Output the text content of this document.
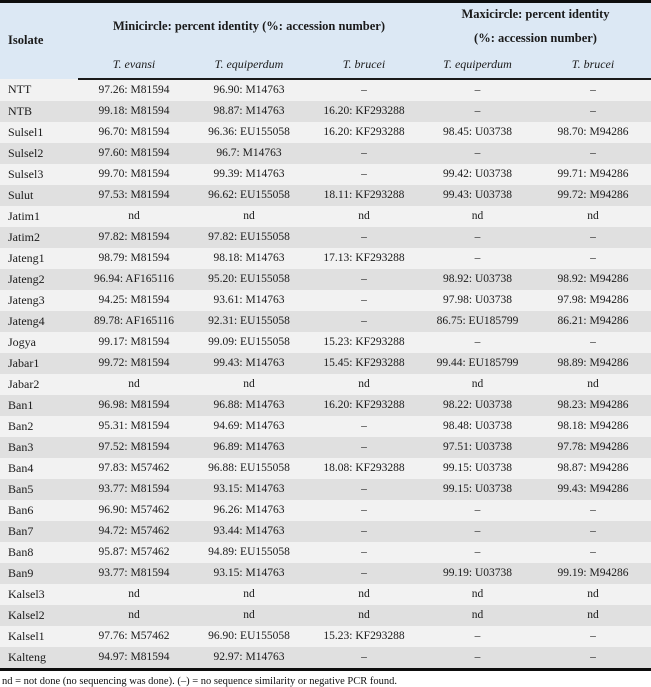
Isolate	Minicircle: percent identity (%: accession number)			Maxicircle: percent identity
(%: accession number)	

	T. evansi	T. equiperdum	T. brucei	T. equiperdum	T. brucei
NTT	97.26: M81594	96.90: M14763	–	–	–
NTB	99.18: M81594	98.87: M14763	16.20: KF293288	–	–
Sulsel1	96.70: M81594	96.36: EU155058	16.20: KF293288	98.45: U03738	98.70: M94286
Sulsel2	97.60: M81594	96.7: M14763	–	–	–
Sulsel3	99.70: M81594	99.39: M14763	–	99.42: U03738	99.71: M94286
Sulut	97.53: M81594	96.62: EU155058	18.11: KF293288	99.43: U03738	99.72: M94286
Jatim1	nd	nd	nd	nd	nd
Jatim2	97.82: M81594	97.82: EU155058	–	–	–
Jateng1	98.79: M81594	98.18: M14763	17.13: KF293288	–	–
Jateng2	96.94: AF165116	95.20: EU155058	–	98.92: U03738	98.92: M94286
Jateng3	94.25: M81594	93.61: M14763	–	97.98: U03738	97.98: M94286
Jateng4	89.78: AF165116	92.31: EU155058	–	86.75: EU185799	86.21: M94286
Jogya	99.17: M81594	99.09: EU155058	15.23: KF293288	–	–
Jabar1	99.72: M81594	99.43: M14763	15.45: KF293288	99.44: EU185799	98.89: M94286
Jabar2	nd	nd	nd	nd	nd
Ban1	96.98: M81594	96.88: M14763	16.20: KF293288	98.22: U03738	98.23: M94286
Ban2	95.31: M81594	94.69: M14763	–	98.48: U03738	98.18: M94286
Ban3	97.52: M81594	96.89: M14763	–	97.51: U03738	97.78: M94286
Ban4	97.83: M57462	96.88: EU155058	18.08: KF293288	99.15: U03738	98.87: M94286
Ban5	93.77: M81594	93.15: M14763	–	99.15: U03738	99.43: M94286
Ban6	96.90: M57462	96.26: M14763	–	–	–
Ban7	94.72: M57462	93.44: M14763	–	–	–
Ban8	95.87: M57462	94.89: EU155058	–	–	–
Ban9	93.77: M81594	93.15: M14763	–	99.19: U03738	99.19: M94286
Kalsel3	nd	nd	nd	nd	nd
Kalsel2	nd	nd	nd	nd	nd
Kalsel1	97.76: M57462	96.90: EU155058	15.23: KF293288	–	–
Kalteng	94.97: M81594	92.97: M14763	–	–	–
nd = not done (no sequencing was done). (–) = no sequence similarity or negative PCR found.
